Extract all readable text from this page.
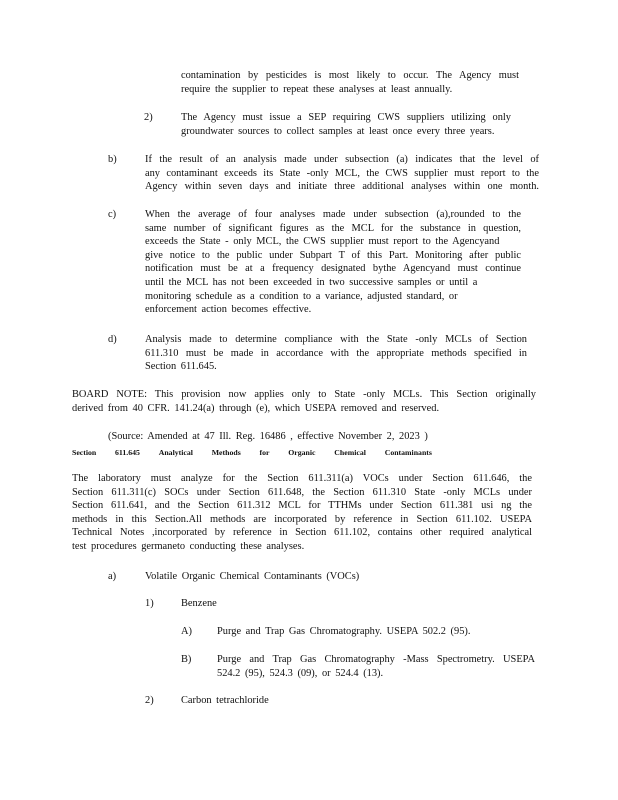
contamination by pesticides is most likely to occur. The Agency must
require the supplier to repeat these analyses at least annually.
2)	The Agency must issue a SEP requiring CWS suppliers utilizing only
groundwater sources to collect samples at least once every three years.
b)	If the result of an analysis made under subsection (a) indicates that the level of
any contaminant exceeds its State -only MCL, the CWS supplier must report to the
Agency within seven days and initiate three additional analyses within one month.
c)	When the average of four analyses made under subsection (a),rounded to the
same number of significant figures as the MCL for the substance in question,
exceeds the State - only MCL, the CWS supplier must report to the Agencyand
give notice to the public under Subpart T of this Part. Monitoring after public
notification must be at a frequency designated bythe Agencyand must continue
until the MCL has not been exceeded in two successive samples or until a
monitoring schedule as a condition to a variance, adjusted standard, or
enforcement action becomes effective.
d)	Analysis made to determine compliance with the State -only MCLs of Section
611.310 must be made in accordance with the appropriate methods specified in
Section 611.645.
BOARD NOTE: This provision now applies only to State -only MCLs. This Section originally
derived from 40 CFR. 141.24(a) through (e), which USEPA removed and reserved.
(Source: Amended at 47 Ill. Reg. 16486 , effective November 2, 2023 )
Section 611.645 Analytical Methods for Organic Chemical Contaminants
The laboratory must analyze for the Section 611.311(a) VOCs under Section 611.646, the
Section 611.311(c) SOCs under Section 611.648, the Section 611.310 State -only MCLs under
Section 611.641, and the Section 611.312 MCL for TTHMs under Section 611.381 usi ng the
methods in this Section.All methods are incorporated by reference in Section 611.102. USEPA
Technical Notes ,incorporated by reference in Section 611.102, contains other required analytical
test procedures germaneto conducting these analyses.
a)	Volatile Organic Chemical Contaminants (VOCs)
1)	Benzene
A) Purge and Trap Gas Chromatography. USEPA 502.2 (95).
B) Purge and Trap Gas Chromatography -Mass Spectrometry. USEPA
524.2 (95), 524.3 (09), or 524.4 (13).
2)	Carbon tetrachloride
